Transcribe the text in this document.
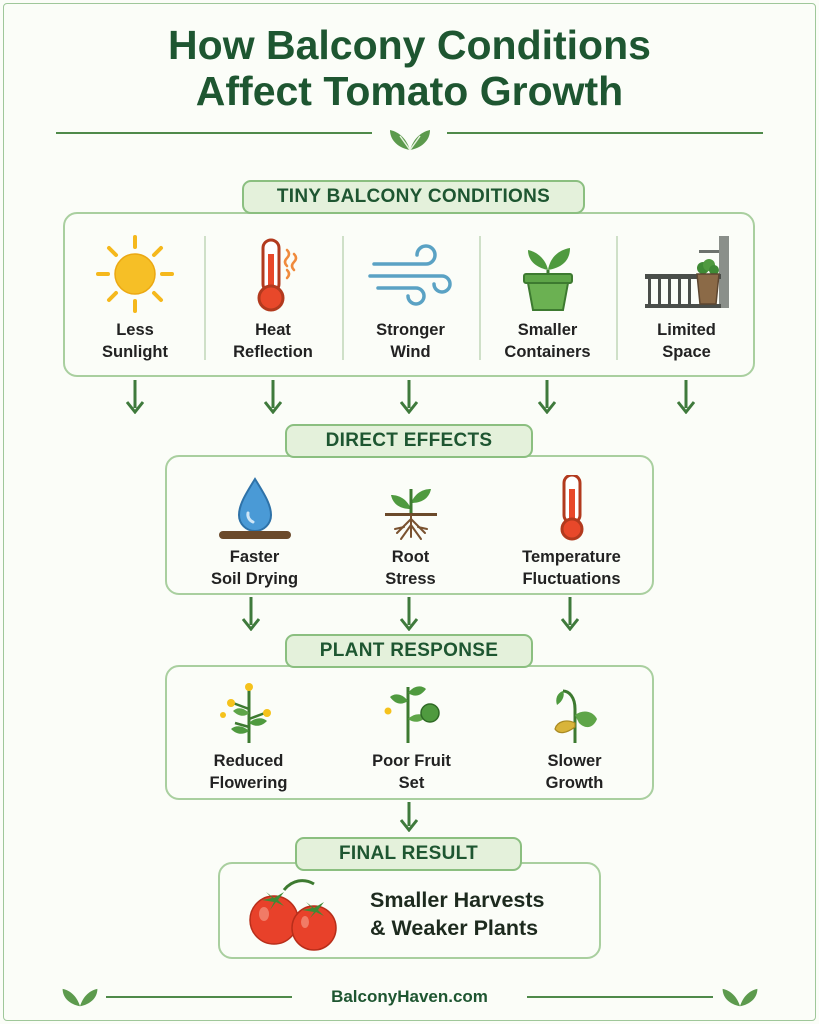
How Balcony Conditions
Affect Tomato Growth
TINY BALCONY CONDITIONS
Less
Sunlight
Heat
Reflection
Stronger
Wind
Smaller
Containers
Limited
Space
DIRECT EFFECTS
Faster
Soil Drying
Root
Stress
Temperature
Fluctuations
PLANT RESPONSE
Reduced
Flowering
Poor Fruit
Set
Slower
Growth
FINAL RESULT
Smaller Harvests
& Weaker Plants
BalconyHaven.com
